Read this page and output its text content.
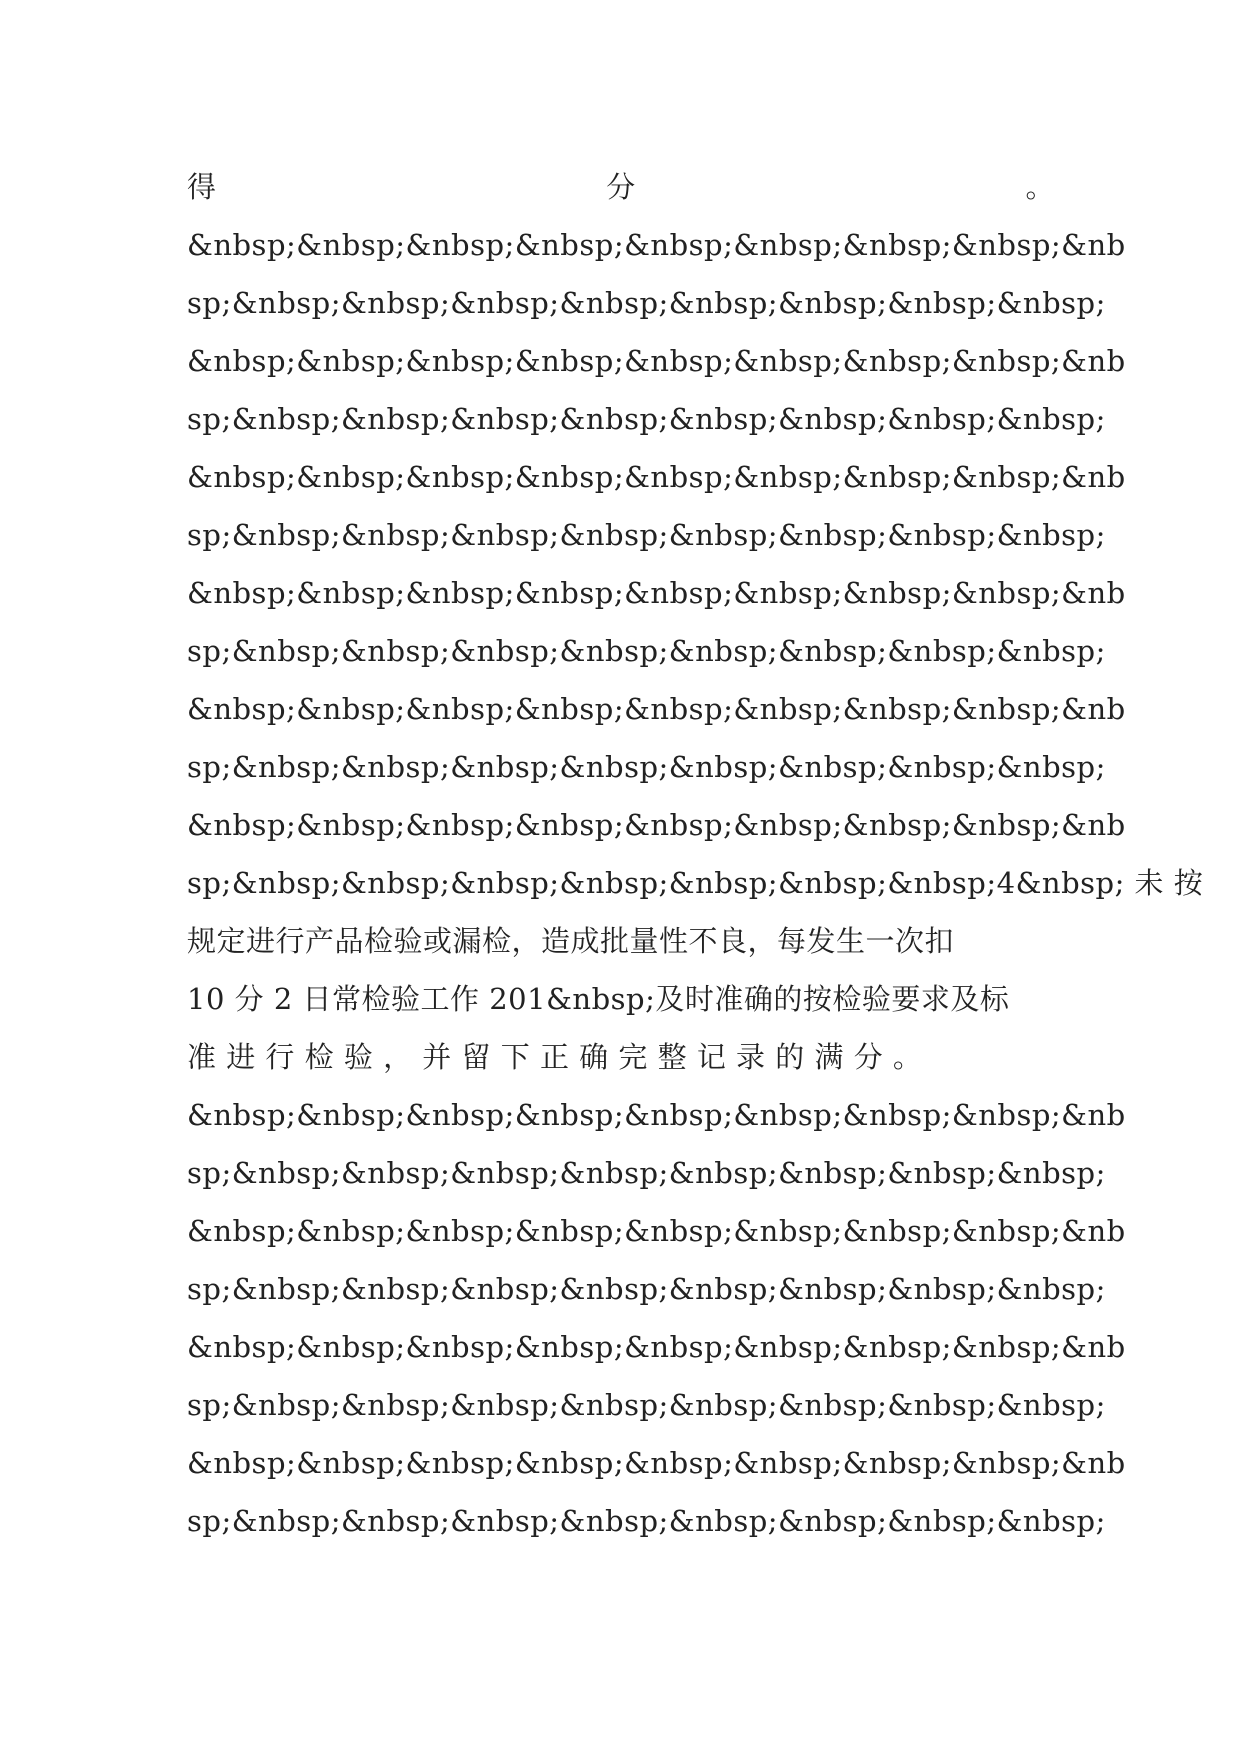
得	分	。
&nbsp;&nbsp;&nbsp;&nbsp;&nbsp;&nbsp;&nbsp;&nbsp;&nb
sp;&nbsp;&nbsp;&nbsp;&nbsp;&nbsp;&nbsp;&nbsp;&nbsp;
&nbsp;&nbsp;&nbsp;&nbsp;&nbsp;&nbsp;&nbsp;&nbsp;&nb
sp;&nbsp;&nbsp;&nbsp;&nbsp;&nbsp;&nbsp;&nbsp;&nbsp;
&nbsp;&nbsp;&nbsp;&nbsp;&nbsp;&nbsp;&nbsp;&nbsp;&nb
sp;&nbsp;&nbsp;&nbsp;&nbsp;&nbsp;&nbsp;&nbsp;&nbsp;
&nbsp;&nbsp;&nbsp;&nbsp;&nbsp;&nbsp;&nbsp;&nbsp;&nb
sp;&nbsp;&nbsp;&nbsp;&nbsp;&nbsp;&nbsp;&nbsp;&nbsp;
&nbsp;&nbsp;&nbsp;&nbsp;&nbsp;&nbsp;&nbsp;&nbsp;&nb
sp;&nbsp;&nbsp;&nbsp;&nbsp;&nbsp;&nbsp;&nbsp;&nbsp;
&nbsp;&nbsp;&nbsp;&nbsp;&nbsp;&nbsp;&nbsp;&nbsp;&nb
sp;&nbsp;&nbsp;&nbsp;&nbsp;&nbsp;&nbsp;&nbsp;4&nbsp; 未 按
规定进行产品检验或漏检，造成批量性不良，每发生一次扣
10 分 2 日常检验工作 201&nbsp;及时准确的按检验要求及标
准 进 行 检 验 ， 并 留 下 正 确 完 整 记 录 的 满 分 。
&nbsp;&nbsp;&nbsp;&nbsp;&nbsp;&nbsp;&nbsp;&nbsp;&nb
sp;&nbsp;&nbsp;&nbsp;&nbsp;&nbsp;&nbsp;&nbsp;&nbsp;
&nbsp;&nbsp;&nbsp;&nbsp;&nbsp;&nbsp;&nbsp;&nbsp;&nb
sp;&nbsp;&nbsp;&nbsp;&nbsp;&nbsp;&nbsp;&nbsp;&nbsp;
&nbsp;&nbsp;&nbsp;&nbsp;&nbsp;&nbsp;&nbsp;&nbsp;&nb
sp;&nbsp;&nbsp;&nbsp;&nbsp;&nbsp;&nbsp;&nbsp;&nbsp;
&nbsp;&nbsp;&nbsp;&nbsp;&nbsp;&nbsp;&nbsp;&nbsp;&nb
sp;&nbsp;&nbsp;&nbsp;&nbsp;&nbsp;&nbsp;&nbsp;&nbsp;
